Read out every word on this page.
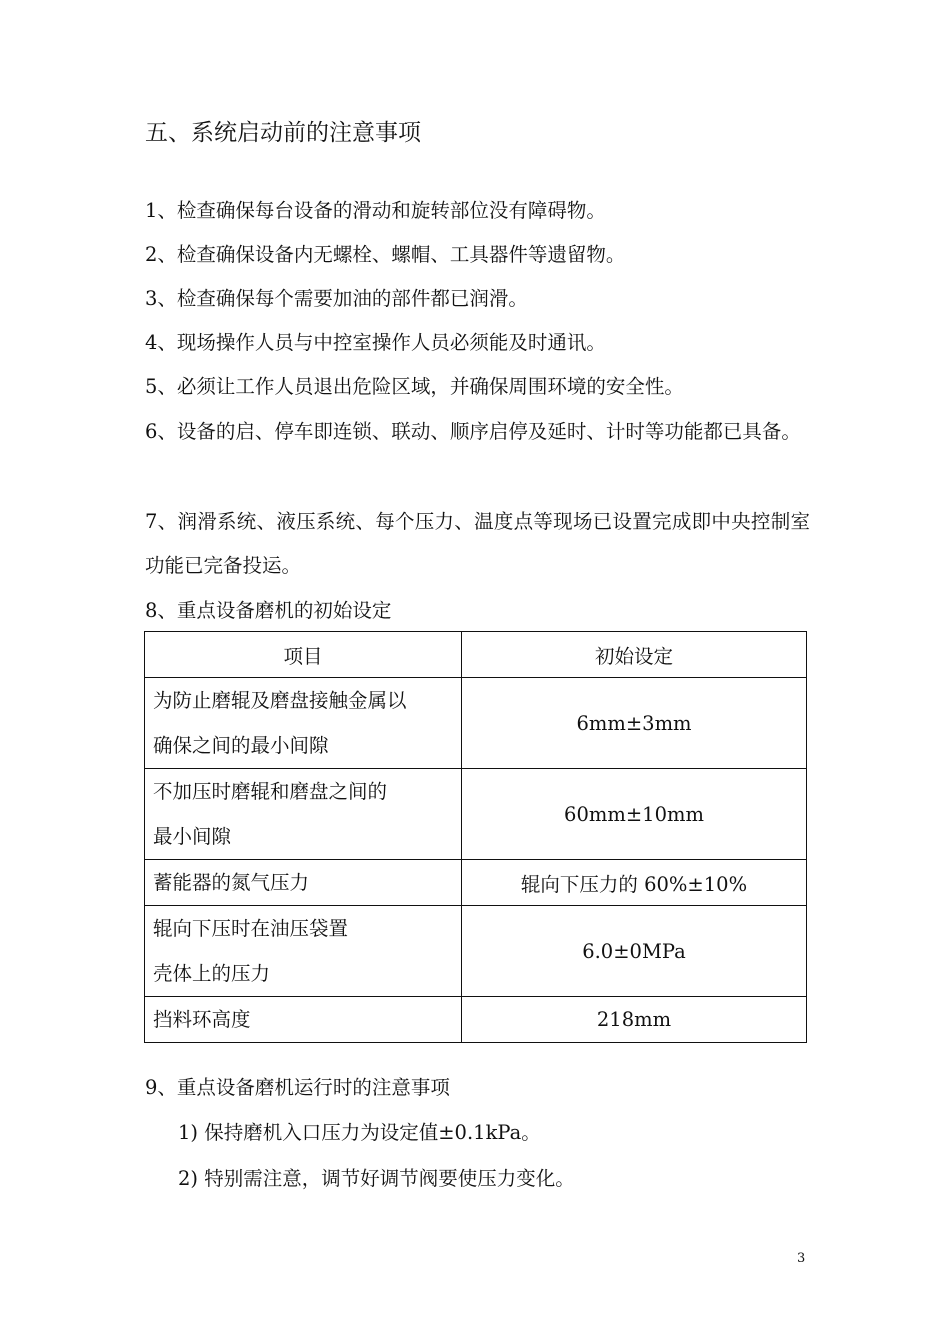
五、系统启动前的注意事项
1、检查确保每台设备的滑动和旋转部位没有障碍物。
2、检查确保设备内无螺栓、螺帽、工具器件等遗留物。
3、检查确保每个需要加油的部件都已润滑。
4、现场操作人员与中控室操作人员必须能及时通讯。
5、必须让工作人员退出危险区域，并确保周围环境的安全性。
6、设备的启、停车即连锁、联动、顺序启停及延时、计时等功能都已具备。
7、润滑系统、液压系统、每个压力、温度点等现场已设置完成即中央控制室功能已完备投运。
8、重点设备磨机的初始设定
项目	初始设定

为防止磨辊及磨盘接触金属以
确保之间的最小间隙	6mm±3mm

不加压时磨辊和磨盘之间的
最小间隙	60mm±10mm
蓄能器的氮气压力	辊向下压力的 60%±10%

辊向下压时在油压袋置
壳体上的压力	6.0±0MPa
挡料环高度	218mm
9、重点设备磨机运行时的注意事项
1) 保持磨机入口压力为设定值±0.1kPa。
2) 特别需注意，调节好调节阀要使压力变化。
3
